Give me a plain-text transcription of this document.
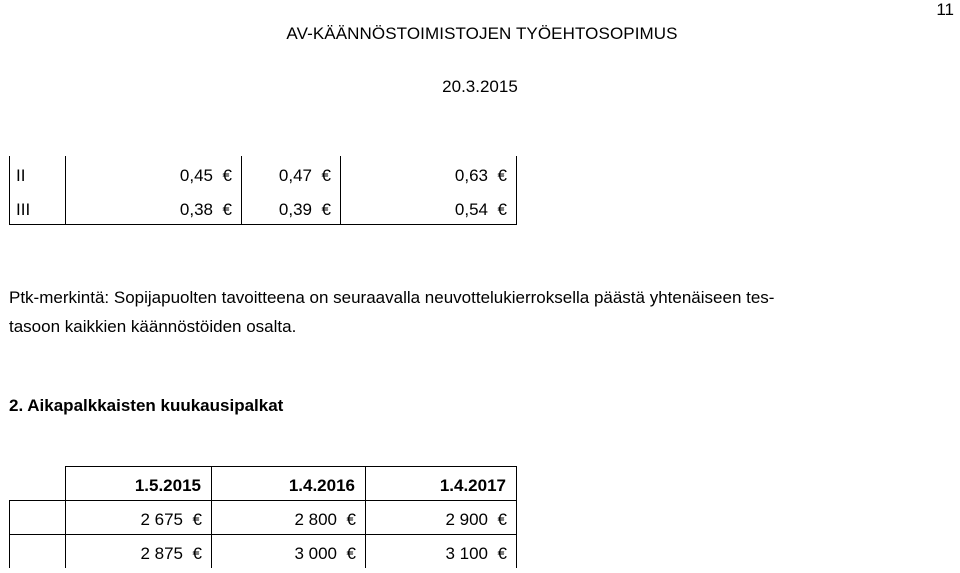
11
AV-KÄÄNNÖSTOIMISTOJEN TYÖEHTOSOPIMUS
20.3.2015
II	0,45 €	0,47 €	0,63 €
III	0,38 €	0,39 €	0,54 €
Ptk-merkintä: Sopijapuolten tavoitteena on seuraavalla neuvottelukierroksella päästä yhtenäiseen tes-
tasoon kaikkien käännöstöiden osalta.
2. Aikapalkkaisten kuukausipalkat
1.5.2015	1.4.2016	1.4.2017
2 675 €	2 800 €	2 900 €
2 875 €	3 000 €	3 100 €
